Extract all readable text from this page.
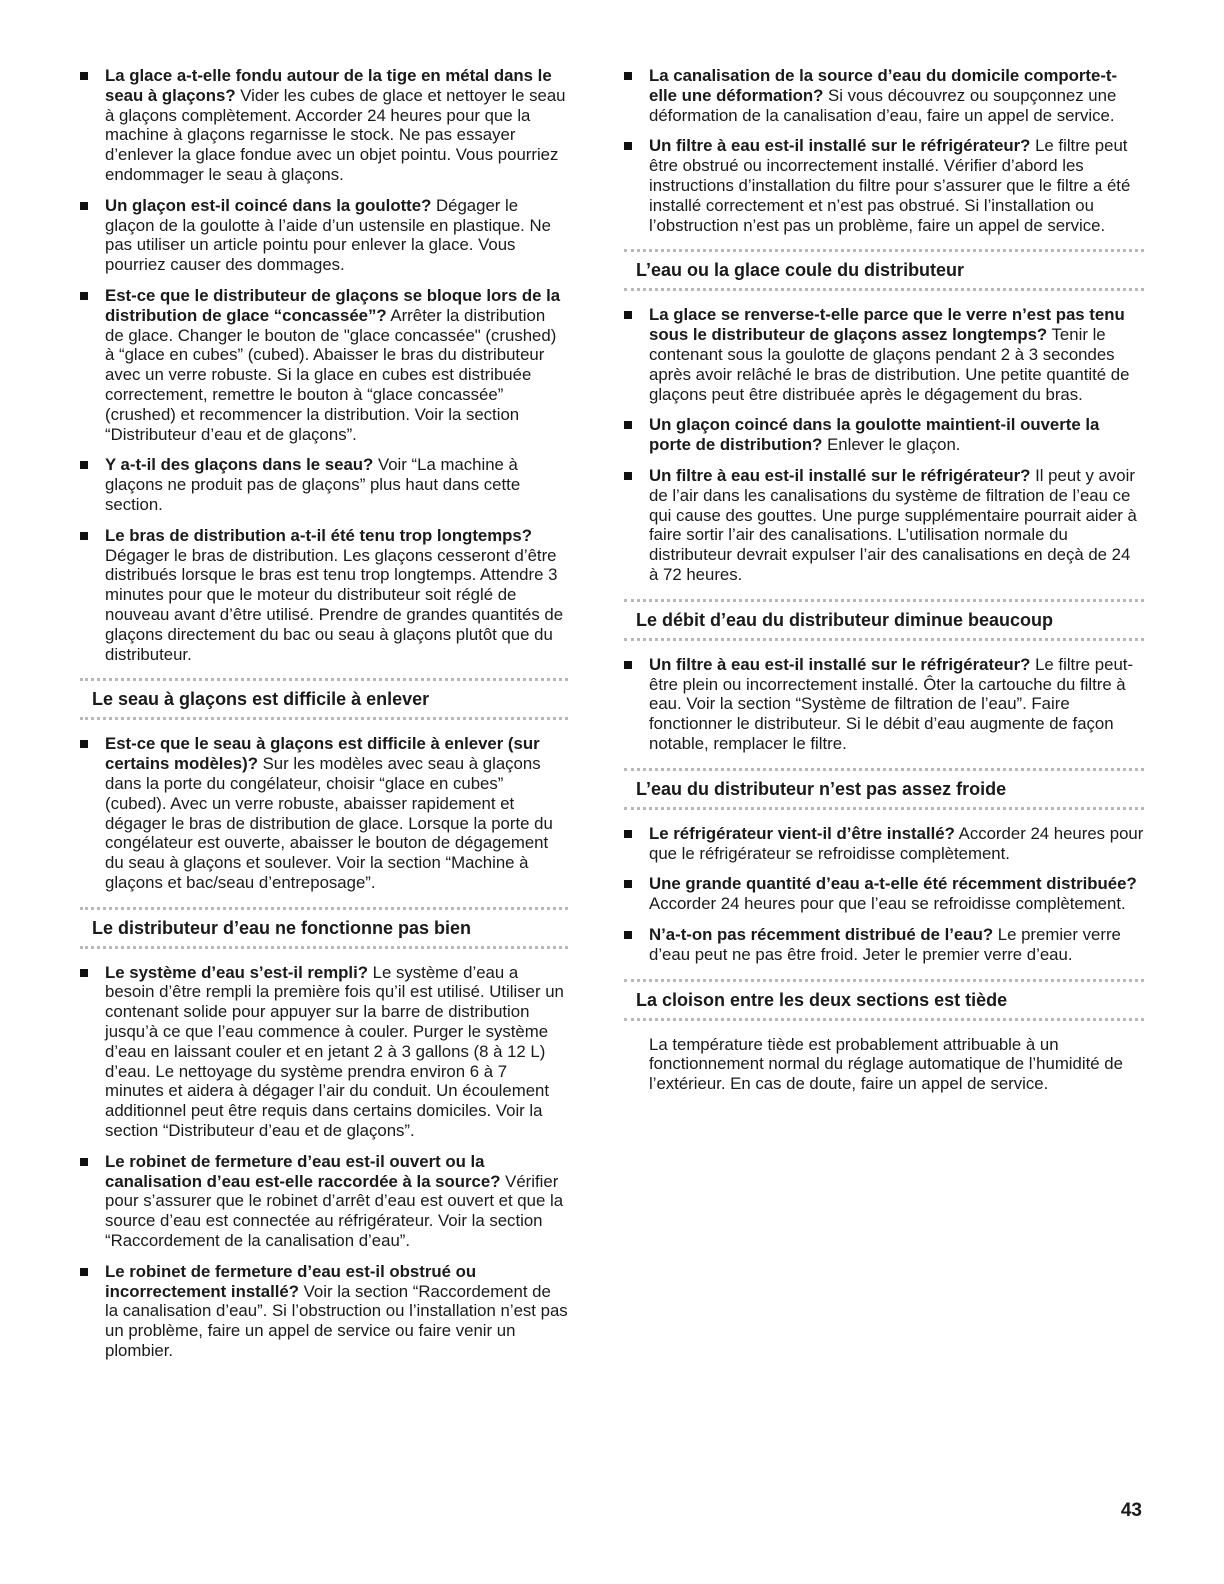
La glace a-t-elle fondu autour de la tige en métal dans le seau à glaçons? Vider les cubes de glace et nettoyer le seau à glaçons complètement. Accorder 24 heures pour que la machine à glaçons regarnisse le stock. Ne pas essayer d’enlever la glace fondue avec un objet pointu. Vous pourriez endommager le seau à glaçons.
Un glaçon est-il coincé dans la goulotte? Dégager le glaçon de la goulotte à l’aide d’un ustensile en plastique. Ne pas utiliser un article pointu pour enlever la glace. Vous pourriez causer des dommages.
Est-ce que le distributeur de glaçons se bloque lors de la distribution de glace “concassée”? Arrêter la distribution de glace. Changer le bouton de "glace concassée" (crushed) à “glace en cubes” (cubed). Abaisser le bras du distributeur avec un verre robuste. Si la glace en cubes est distribuée correctement, remettre le bouton à “glace concassée” (crushed) et recommencer la distribution. Voir la section “Distributeur d’eau et de glaçons”.
Y a-t-il des glaçons dans le seau? Voir “La machine à glaçons ne produit pas de glaçons” plus haut dans cette section.
Le bras de distribution a-t-il été tenu trop longtemps? Dégager le bras de distribution. Les glaçons cesseront d’être distribués lorsque le bras est tenu trop longtemps. Attendre 3 minutes pour que le moteur du distributeur soit réglé de nouveau avant d’être utilisé. Prendre de grandes quantités de glaçons directement du bac ou seau à glaçons plutôt que du distributeur.
Le seau à glaçons est difficile à enlever
Est-ce que le seau à glaçons est difficile à enlever (sur certains modèles)? Sur les modèles avec seau à glaçons dans la porte du congélateur, choisir “glace en cubes” (cubed). Avec un verre robuste, abaisser rapidement et dégager le bras de distribution de glace. Lorsque la porte du congélateur est ouverte, abaisser le bouton de dégagement du seau à glaçons et soulever. Voir la section “Machine à glaçons et bac/seau d’entreposage”.
Le distributeur d’eau ne fonctionne pas bien
Le système d’eau s’est-il rempli? Le système d’eau a besoin d’être rempli la première fois qu’il est utilisé. Utiliser un contenant solide pour appuyer sur la barre de distribution jusqu’à ce que l’eau commence à couler. Purger le système d’eau en laissant couler et en jetant 2 à 3 gallons (8 à 12 L) d’eau. Le nettoyage du système prendra environ 6 à 7 minutes et aidera à dégager l’air du conduit. Un écoulement additionnel peut être requis dans certains domiciles. Voir la section “Distributeur d’eau et de glaçons”.
Le robinet de fermeture d’eau est-il ouvert ou la canalisation d’eau est-elle raccordée à la source? Vérifier pour s’assurer que le robinet d’arrêt d’eau est ouvert et que la source d’eau est connectée au réfrigérateur. Voir la section “Raccordement de la canalisation d’eau”.
Le robinet de fermeture d’eau est-il obstrué ou incorrectement installé? Voir la section “Raccordement de la canalisation d’eau”. Si l’obstruction ou l’installation n’est pas un problème, faire un appel de service ou faire venir un plombier.
La canalisation de la source d’eau du domicile comporte-t-elle une déformation? Si vous découvrez ou soupçonnez une déformation de la canalisation d’eau, faire un appel de service.
Un filtre à eau est-il installé sur le réfrigérateur? Le filtre peut être obstrué ou incorrectement installé. Vérifier d’abord les instructions d’installation du filtre pour s’assurer que le filtre a été installé correctement et n’est pas obstrué. Si l’installation ou l’obstruction n’est pas un problème, faire un appel de service.
L’eau ou la glace coule du distributeur
La glace se renverse-t-elle parce que le verre n’est pas tenu sous le distributeur de glaçons assez longtemps? Tenir le contenant sous la goulotte de glaçons pendant 2 à 3 secondes après avoir relâché le bras de distribution. Une petite quantité de glaçons peut être distribuée après le dégagement du bras.
Un glaçon coincé dans la goulotte maintient-il ouverte la porte de distribution? Enlever le glaçon.
Un filtre à eau est-il installé sur le réfrigérateur? Il peut y avoir de l’air dans les canalisations du système de filtration de l’eau ce qui cause des gouttes. Une purge supplémentaire pourrait aider à faire sortir l’air des canalisations. L’utilisation normale du distributeur devrait expulser l’air des canalisations en deçà de 24 à 72 heures.
Le débit d’eau du distributeur diminue beaucoup
Un filtre à eau est-il installé sur le réfrigérateur? Le filtre peut-être plein ou incorrectement installé. Ôter la cartouche du filtre à eau. Voir la section “Système de filtration de l’eau”. Faire fonctionner le distributeur. Si le débit d’eau augmente de façon notable, remplacer le filtre.
L’eau du distributeur n’est pas assez froide
Le réfrigérateur vient-il d’être installé? Accorder 24 heures pour que le réfrigérateur se refroidisse complètement.
Une grande quantité d’eau a-t-elle été récemment distribuée? Accorder 24 heures pour que l’eau se refroidisse complètement.
N’a-t-on pas récemment distribué de l’eau? Le premier verre d’eau peut ne pas être froid. Jeter le premier verre d’eau.
La cloison entre les deux sections est tiède
La température tiède est probablement attribuable à un fonctionnement normal du réglage automatique de l’humidité de l’extérieur. En cas de doute, faire un appel de service.
43
